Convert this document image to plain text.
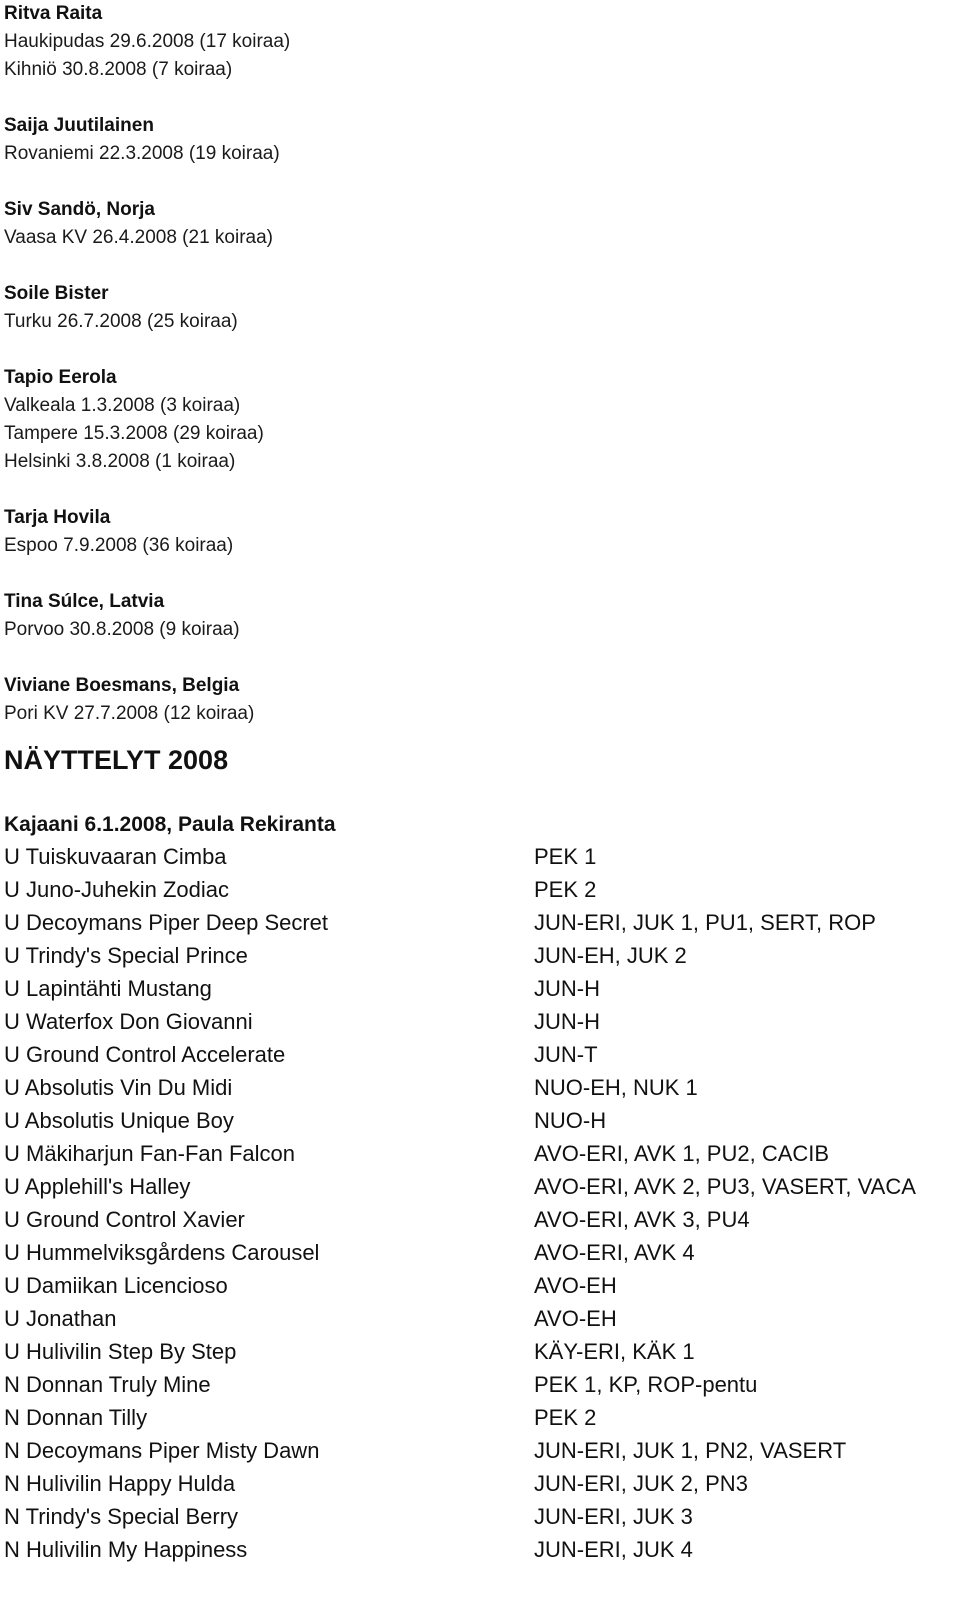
Ritva Raita
Haukipudas 29.6.2008 (17 koiraa)
Kihniö 30.8.2008 (7 koiraa)
Saija Juutilainen
Rovaniemi 22.3.2008 (19 koiraa)
Siv Sandö, Norja
Vaasa KV 26.4.2008 (21 koiraa)
Soile Bister
Turku 26.7.2008 (25 koiraa)
Tapio Eerola
Valkeala 1.3.2008 (3 koiraa)
Tampere 15.3.2008 (29 koiraa)
Helsinki 3.8.2008 (1 koiraa)
Tarja Hovila
Espoo 7.9.2008 (36 koiraa)
Tina Súlce, Latvia
Porvoo 30.8.2008 (9 koiraa)
Viviane Boesmans, Belgia
Pori KV 27.7.2008 (12 koiraa)
NÄYTTELYT 2008
Kajaani 6.1.2008, Paula Rekiranta
U Tuiskuvaaran Cimba	PEK 1
U Juno-Juhekin Zodiac	PEK 2
U Decoymans Piper Deep Secret	JUN-ERI, JUK 1, PU1, SERT, ROP
U Trindy's Special Prince	JUN-EH, JUK 2
U Lapintähti Mustang	JUN-H
U Waterfox Don Giovanni	JUN-H
U Ground Control Accelerate	JUN-T
U Absolutis Vin Du Midi	NUO-EH, NUK 1
U Absolutis Unique Boy	NUO-H
U Mäkiharjun Fan-Fan Falcon	AVO-ERI, AVK 1, PU2, CACIB
U Applehill's Halley	AVO-ERI, AVK 2, PU3, VASERT, VACA
U Ground Control Xavier	AVO-ERI, AVK 3, PU4
U Hummelviksgårdens Carousel	AVO-ERI, AVK 4
U Damiikan Licencioso	AVO-EH
U Jonathan	AVO-EH
U Hulivilin Step By Step	KÄY-ERI, KÄK 1
N Donnan Truly Mine	PEK 1, KP, ROP-pentu
N Donnan Tilly	PEK 2
N Decoymans Piper Misty Dawn	JUN-ERI, JUK 1, PN2, VASERT
N Hulivilin Happy Hulda	JUN-ERI, JUK 2, PN3
N Trindy's Special Berry	JUN-ERI, JUK 3
N Hulivilin My Happiness	JUN-ERI, JUK 4
